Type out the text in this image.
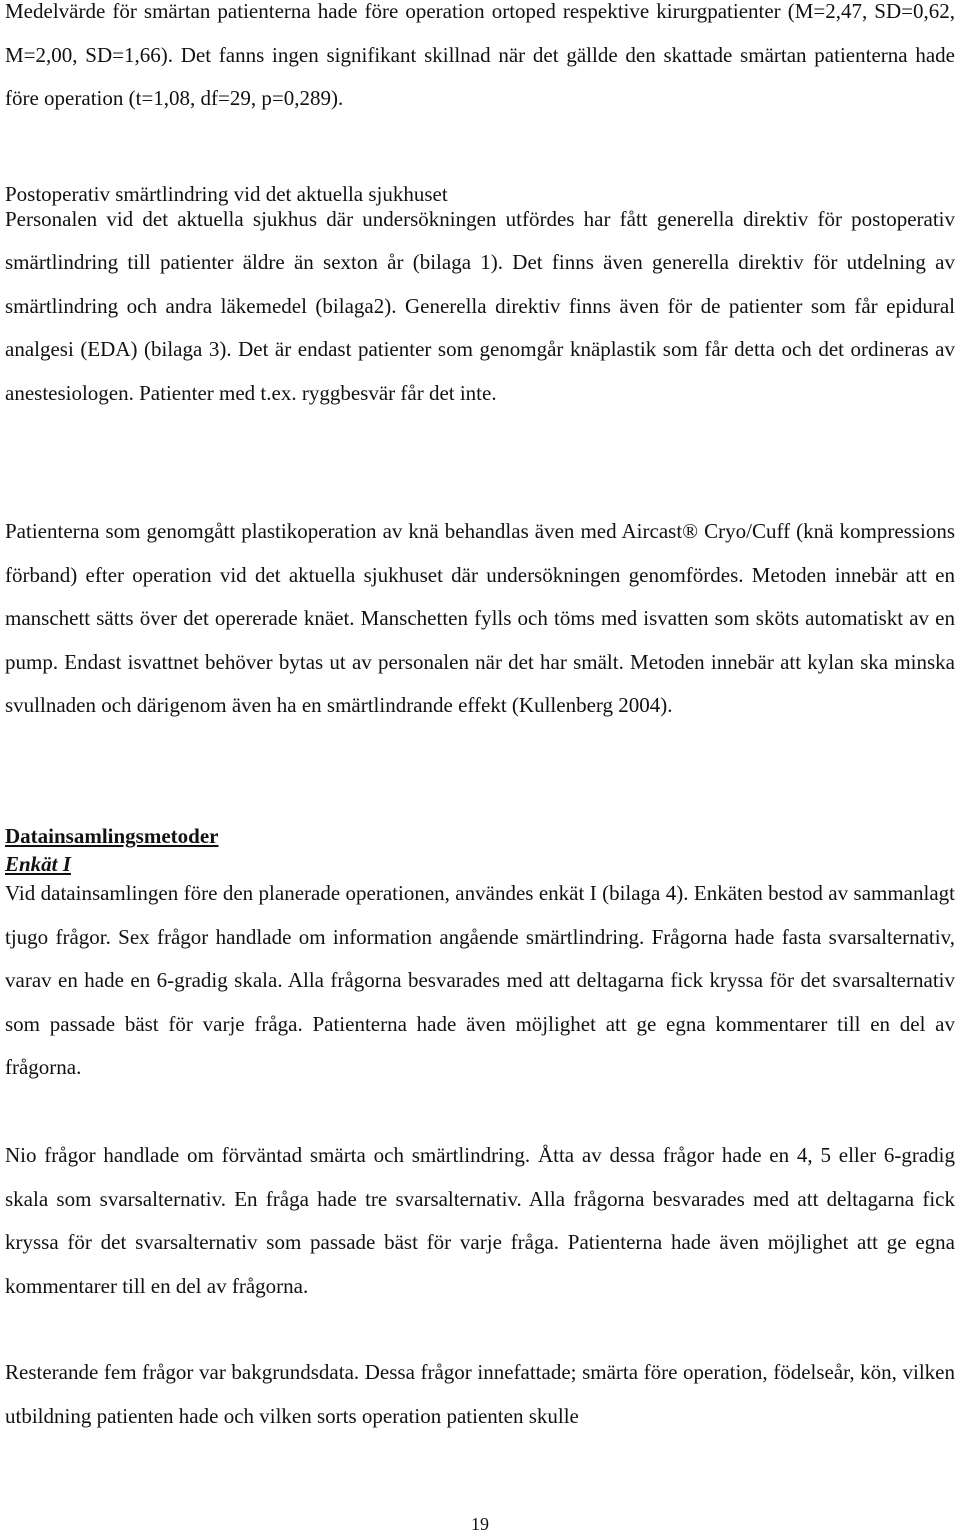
Medelvärde för smärtan patienterna hade före operation ortoped respektive kirurgpatienter (M=2,47, SD=0,62, M=2,00, SD=1,66). Det fanns ingen signifikant skillnad när det gällde den skattade smärtan patienterna hade före operation (t=1,08, df=29, p=0,289).

Postoperativ smärtlindring vid det aktuella sjukhuset

Personalen vid det aktuella sjukhus där undersökningen utfördes har fått generella direktiv för postoperativ smärtlindring till patienter äldre än sexton år (bilaga 1). Det finns även generella direktiv för utdelning av smärtlindring och andra läkemedel (bilaga2). Generella direktiv finns även för de patienter som får epidural analgesi (EDA) (bilaga 3). Det är endast patienter som genomgår knäplastik som får detta och det ordineras av anestesiologen. Patienter med t.ex. ryggbesvär får det inte.

Patienterna som genomgått plastikoperation av knä behandlas även med Aircast® Cryo/Cuff (knä kompressions förband) efter operation vid det aktuella sjukhuset där undersökningen genomfördes. Metoden innebär att en manschett sätts över det opererade knäet. Manschetten fylls och töms med isvatten som sköts automatiskt av en pump. Endast isvattnet behöver bytas ut av personalen när det har smält. Metoden innebär att kylan ska minska svullnaden och därigenom även ha en smärtlindrande effekt (Kullenberg 2004).

Datainsamlingsmetoder

Enkät I

Vid datainsamlingen före den planerade operationen, användes enkät I (bilaga 4). Enkäten bestod av sammanlagt tjugo frågor. Sex frågor handlade om information angående smärtlindring. Frågorna hade fasta svarsalternativ, varav en hade en 6-gradig skala. Alla frågorna besvarades med att deltagarna fick kryssa för det svarsalternativ som passade bäst för varje fråga. Patienterna hade även möjlighet att ge egna kommentarer till en del av frågorna.

Nio frågor handlade om förväntad smärta och smärtlindring. Åtta av dessa frågor hade en 4, 5 eller 6-gradig skala som svarsalternativ. En fråga hade tre svarsalternativ. Alla frågorna besvarades med att deltagarna fick kryssa för det svarsalternativ som passade bäst för varje fråga. Patienterna hade även möjlighet att ge egna kommentarer till en del av frågorna.

Resterande fem frågor var bakgrundsdata. Dessa frågor innefattade; smärta före operation, födelseår, kön, vilken utbildning patienten hade och vilken sorts operation patienten skulle

19
